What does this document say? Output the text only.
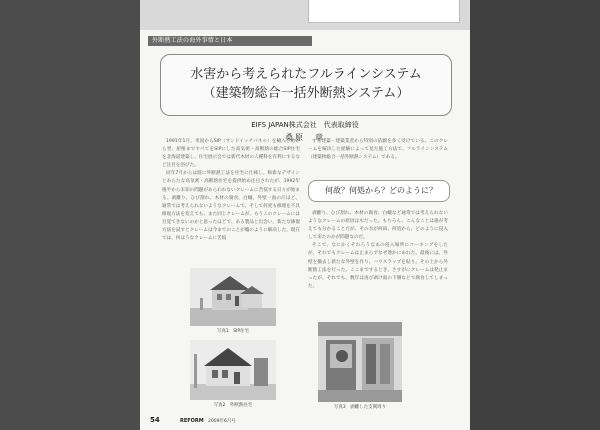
外断熱工法の海外事情と日本
水害から考えられたフルラインシステム
（建築物総合一括外断熱システム）
EIFS JAPAN株式会社　代表取締役
桑原　章

1991年1月、米国からSIP（サンドイッチパネル）を輸入し始から翌、屋根まですべてをSIPにした高気密・高断熱の総合SIP住宅を北海道建築し、住宅展示会では新代木材の人種科を有利にするなど注目を浴びた。

同年7月からは既に外断熱工法を住宅に仕様し、斬新なデザインとあらたな高気密・高断熱住宅を提供始め注目されたが、1992年後半から未知の問題があらわれないクレームに苦悩する日々が始まる。剥離り、ひび割れ、木材の腐食、白蟻、外壁一面の汗ほど、通常では考えられないようなクレームで、そして何度も修理を不具修復方法を変えても、また同じクレームが、もうこのクレームには目覚てきないのかと思ったほどで、ある製品と出会い、新たな修復方法を試すとクレームは今までのことが嘘のように解決した。現在では、何ほうなクレームに苦悩

する建築・建築業者から特別の依頼を多く受けている。このクレームを解決した経験によって見た施工方法で、フルラインシステム（建築物総合一括外断熱システム）である。

何故？何処から？どのように？

剥離り、ひび割れ、木材の腐食、白蟻など通常では考えられないようなクレームの原因は水だった。もちろん、こんなことは誰が考えても分かることだが、その水が何故、何処から、どのように侵入して来たのかが問題なのだ。

そこで、なにかくそれろうなあの侵入場所にコーキングをしたが、それでもクレームは止まらずなぜ連かにあれた。最後には、外壁を撤去し新たな外壁を作り、ハウスラップを貼り、その上から外断熱工法を行った。ここまでするとき、さすがにクレームは発止まったが、それでも、数年は再び剥け面の下側などで腐食してしまった。

写真1　SIP住宅
写真2　外断熱住宅	写真3　剥離した支関周り
54	REFORM 2009年6月号
